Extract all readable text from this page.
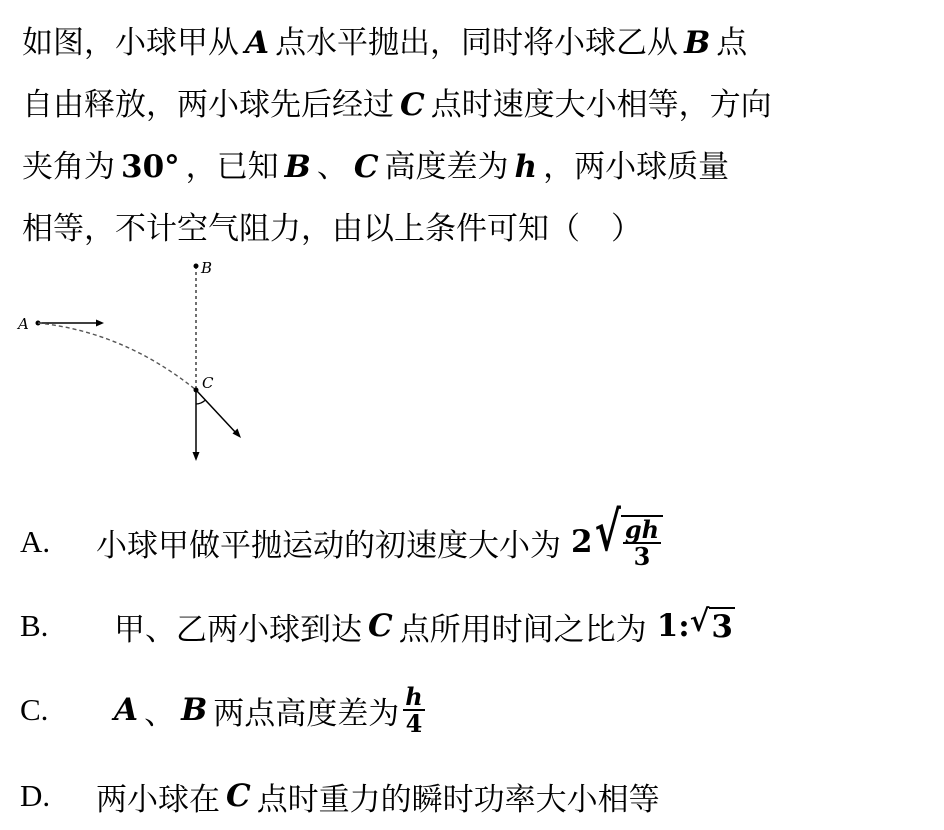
如图，小球甲从 A 点水平抛出，同时将小球乙从 B 点
自由释放，两小球先后经过 C 点时速度大小相等，方向
夹角为 30° ，已知 B 、 C 高度差为 h ，两小球质量
相等，不计空气阻力，由以上条件可知（　）
B
A
C
A.	小球甲做平抛运动的初速度大小为 2 √ $\frac{gh}{3}$
B.	甲、乙两小球到达 C 点所用时间之比为 1: √ 3
C.	A 、 B 两点高度差为 $\frac{h}{4}$
D.	两小球在 C 点时重力的瞬时功率大小相等
